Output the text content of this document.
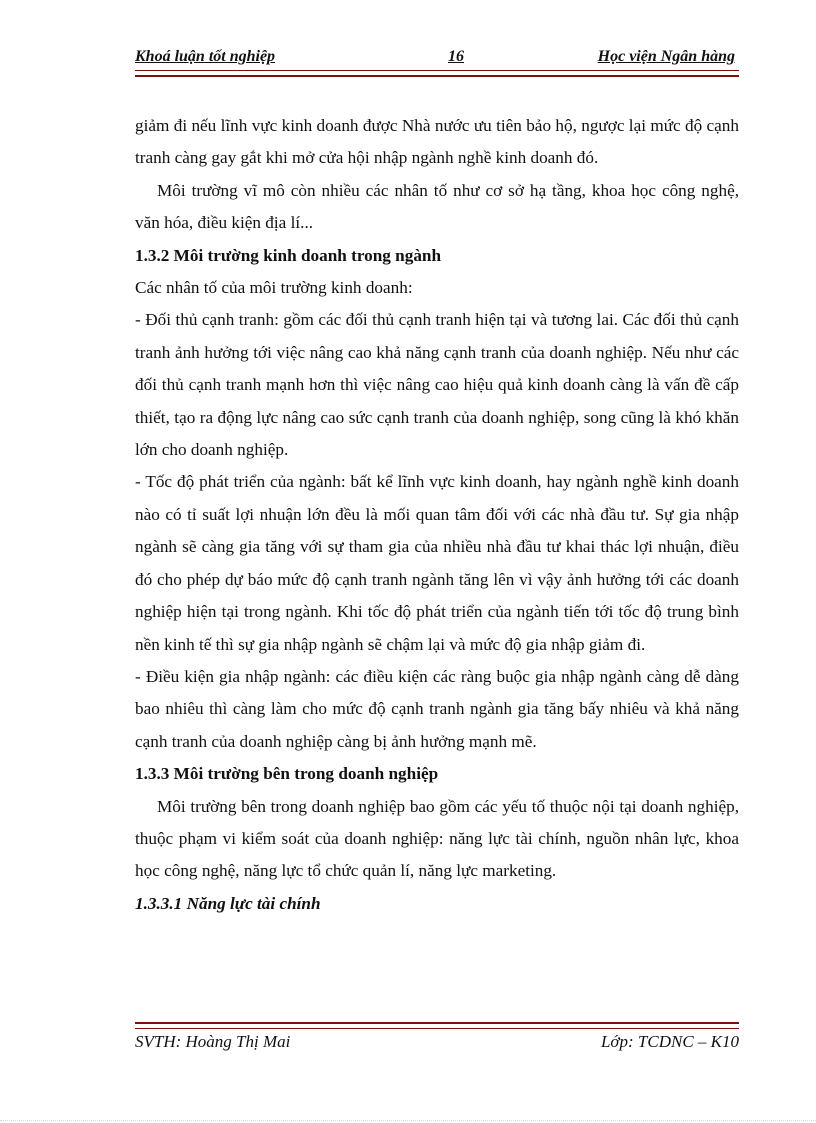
Khoá luận tốt nghiệp	16	Học viện Ngân hàng

giảm đi nếu lĩnh vực kinh doanh được Nhà nước ưu tiên bảo hộ, ngược lại mức độ cạnh tranh càng gay gắt khi mở cửa hội nhập ngành nghề kinh doanh đó.

Môi trường vĩ mô còn nhiều các nhân tố như cơ sở hạ tầng, khoa học công nghệ, văn hóa, điều kiện địa lí...

1.3.2 Môi trường kinh doanh trong ngành

Các nhân tố của môi trường kinh doanh:

- Đối thủ cạnh tranh: gồm các đối thủ cạnh tranh hiện tại và tương lai. Các đối thủ cạnh tranh ảnh hưởng tới việc nâng cao khả năng cạnh tranh của doanh nghiệp. Nếu như các đối thủ cạnh tranh mạnh hơn thì việc nâng cao hiệu quả kinh doanh càng là vấn đề cấp thiết, tạo ra động lực nâng cao sức cạnh tranh của doanh nghiệp, song cũng là khó khăn lớn cho doanh nghiệp.

- Tốc độ phát triển của ngành: bất kể lĩnh vực kinh doanh, hay ngành nghề kinh doanh nào có tỉ suất lợi nhuận lớn đều là mối quan tâm đối với các nhà đầu tư. Sự gia nhập ngành sẽ càng gia tăng với sự tham gia của nhiều nhà đầu tư khai thác lợi nhuận, điều đó cho phép dự báo mức độ cạnh tranh ngành tăng lên vì vậy ảnh hưởng tới các doanh nghiệp hiện tại trong ngành. Khi tốc độ phát triển của ngành tiến tới tốc độ trung bình nền kinh tế thì sự gia nhập ngành sẽ chậm lại và mức độ gia nhập giảm đi.

- Điều kiện gia nhập ngành: các điều kiện các ràng buộc gia nhập ngành càng dễ dàng bao nhiêu thì càng làm cho mức độ cạnh tranh ngành gia tăng bấy nhiêu và khả năng cạnh tranh của doanh nghiệp càng bị ảnh hưởng mạnh mẽ.

1.3.3 Môi trường bên trong doanh nghiệp

Môi trường bên trong doanh nghiệp bao gồm các yếu tố thuộc nội tại doanh nghiệp, thuộc phạm vi kiểm soát của doanh nghiệp: năng lực tài chính, nguồn nhân lực, khoa học công nghệ, năng lực tổ chức quản lí, năng lực marketing.

1.3.3.1 Năng lực tài chính

SVTH: Hoàng Thị Mai	Lớp: TCDNC – K10
